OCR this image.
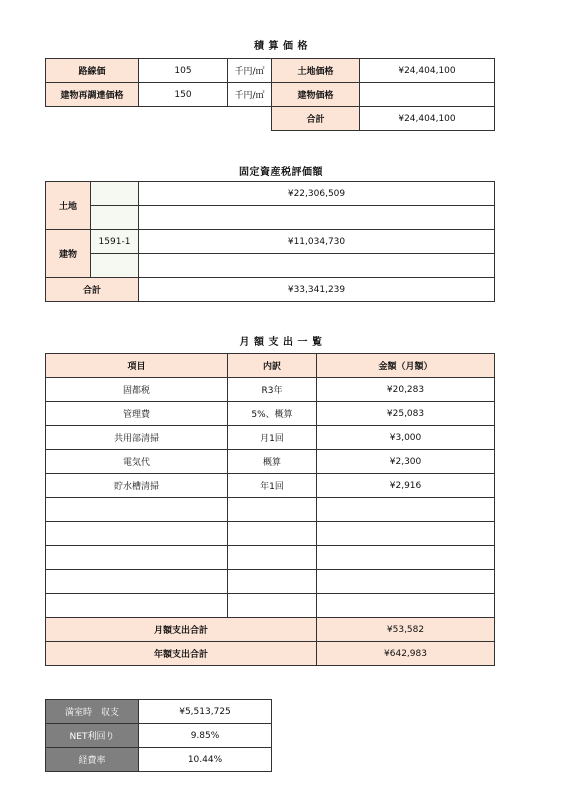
積 算 価 格
路線価	105	千円/㎡	土地価格	¥24,404,100
建物再調達価格	150	千円/㎡	建物価格	
			合計	¥24,404,100
固定資産税評価額
土地		¥22,306,509

建物	1591-1	¥11,034,730

合計		¥33,341,239
月 額 支 出 一 覧
項目	内訳	金額（月額）
固都税	R3年	¥20,283
管理費	5%、概算	¥25,083
共用部清掃	月1回	¥3,000
電気代	概算	¥2,300
貯水槽清掃	年1回	¥2,916

月額支出合計		¥53,582
年額支出合計		¥642,983
満室時　収支	¥5,513,725
NET利回り	9.85%
経費率	10.44%
